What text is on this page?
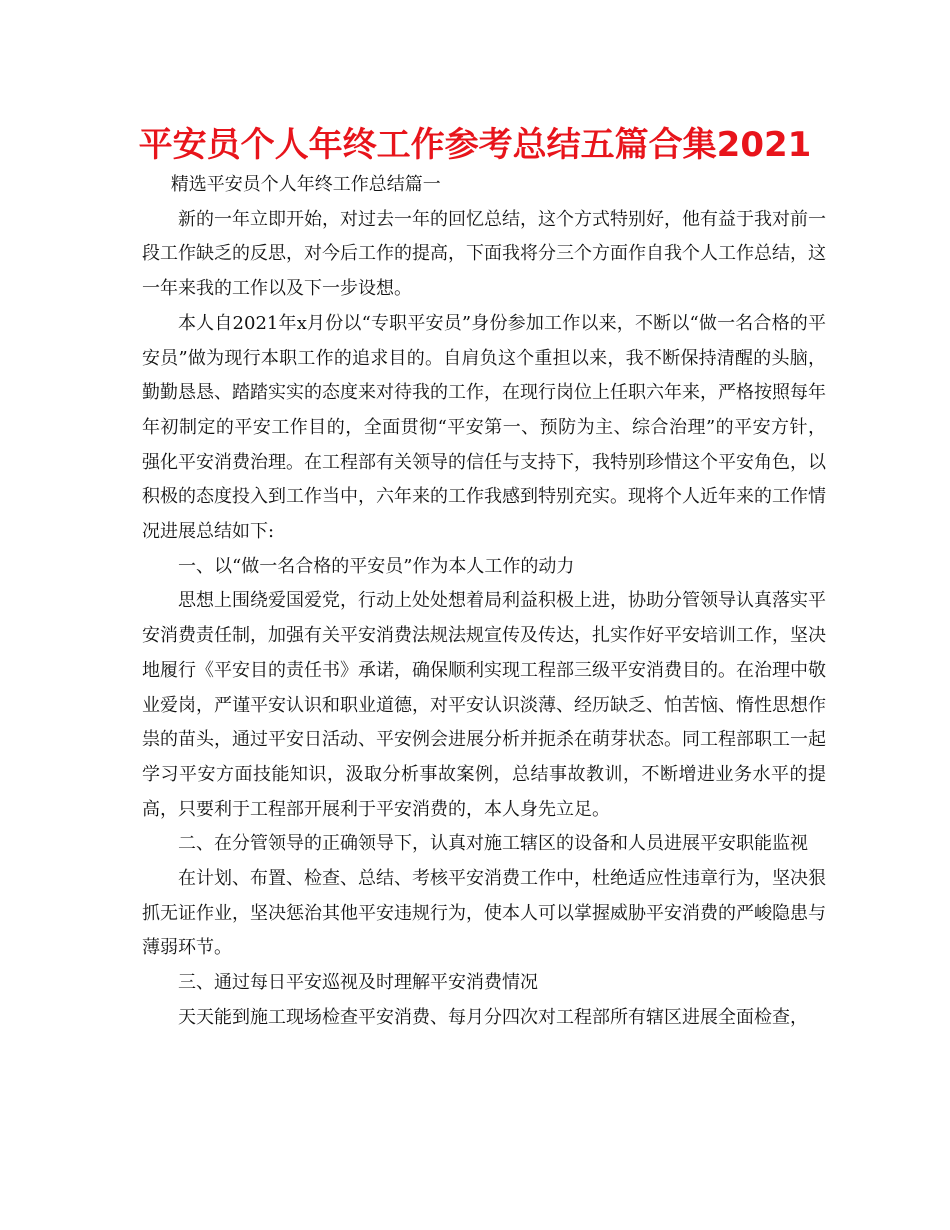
平安员个人年终工作参考总结五篇合集2021

精选平安员个人年终工作总结篇一

新的一年立即开始，对过去一年的回忆总结，这个方式特别好，他有益于我对前一段工作缺乏的反思，对今后工作的提高，下面我将分三个方面作自我个人工作总结，这一年来我的工作以及下一步设想。

本人自2021年x月份以“专职平安员”身份参加工作以来，不断以“做一名合格的平安员”做为现行本职工作的追求目的。自肩负这个重担以来，我不断保持清醒的头脑，勤勤恳恳、踏踏实实的态度来对待我的工作，在现行岗位上任职六年来，严格按照每年年初制定的平安工作目的，全面贯彻“平安第一、预防为主、综合治理”的平安方针，强化平安消费治理。在工程部有关领导的信任与支持下，我特别珍惜这个平安角色，以积极的态度投入到工作当中，六年来的工作我感到特别充实。现将个人近年来的工作情况进展总结如下:

一、以“做一名合格的平安员”作为本人工作的动力

思想上围绕爱国爱党，行动上处处想着局利益积极上进，协助分管领导认真落实平安消费责任制，加强有关平安消费法规法规宣传及传达，扎实作好平安培训工作，坚决地履行《平安目的责任书》承诺，确保顺利实现工程部三级平安消费目的。在治理中敬业爱岗，严谨平安认识和职业道德，对平安认识淡薄、经历缺乏、怕苦恼、惰性思想作祟的苗头，通过平安日活动、平安例会进展分析并扼杀在萌芽状态。同工程部职工一起学习平安方面技能知识，汲取分析事故案例，总结事故教训，不断增进业务水平的提高，只要利于工程部开展利于平安消费的，本人身先立足。

二、在分管领导的正确领导下，认真对施工辖区的设备和人员进展平安职能监视

在计划、布置、检查、总结、考核平安消费工作中，杜绝适应性违章行为，坚决狠抓无证作业，坚决惩治其他平安违规行为，使本人可以掌握威胁平安消费的严峻隐患与薄弱环节。

三、通过每日平安巡视及时理解平安消费情况

天天能到施工现场检查平安消费、每月分四次对工程部所有辖区进展全面检查，
